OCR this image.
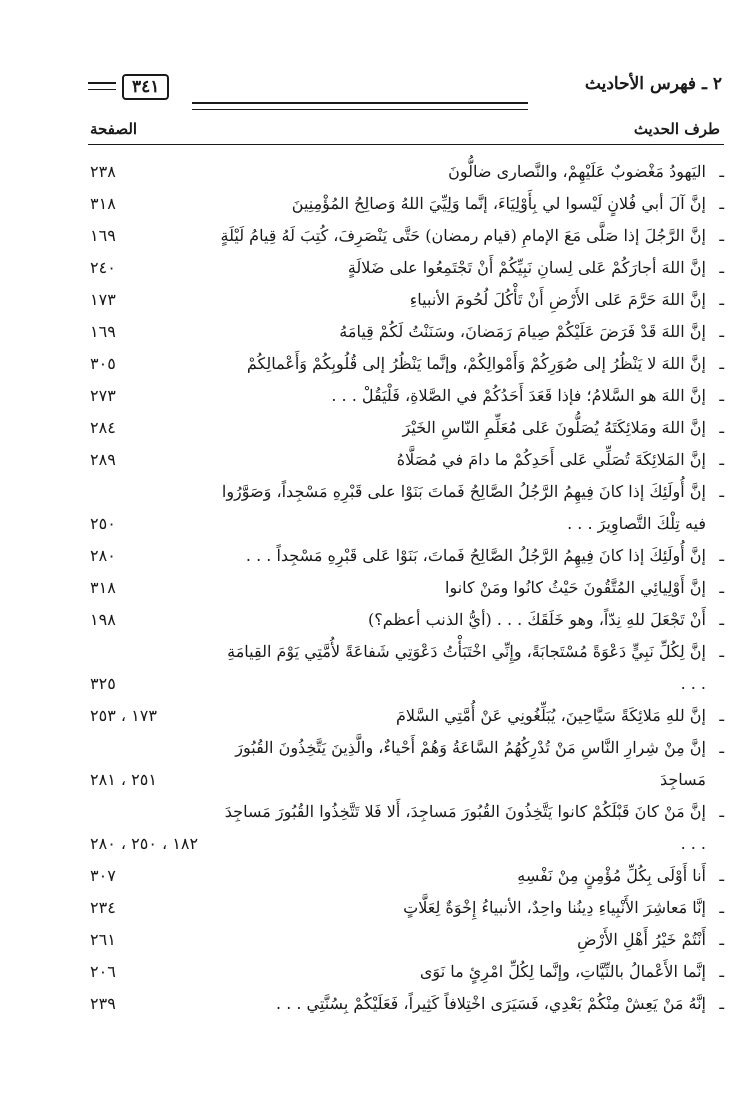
٢ ـ فهرس الأحاديث
٣٤١
طرف الحديث
الصفحة
ـ
اليَهودُ مَغْضوبٌ عَلَيْهِمْ، والنَّصارى ضالُّونَ
٢٣٨
ـ
إنَّ آلَ أبي فُلانٍ لَيْسوا لي بِأَوْلِيَاءَ، إنَّما وَلِيِّيَ اللهُ وَصالِحُ المُؤْمِنِينَ
٣١٨
ـ
إنَّ الرَّجُلَ إذا صَلَّى مَعَ الإمامِ (قيام رمضان) حَتَّى يَنْصَرِفَ، كُتِبَ لَهُ قِيامُ لَيْلَةٍ
١٦٩
ـ
إنَّ اللهَ أجارَكُمْ عَلى لِسانِ نَبِيِّكُمْ أَنْ تَجْتَمِعُوا على ضَلالَةٍ
٢٤٠
ـ
إنَّ اللهَ حَرَّمَ عَلى الأَرْضِ أَنْ تَأْكُلَ لُحُومَ الأنبياءِ
١٧٣
ـ
إنَّ اللهَ قَدْ فَرَضَ عَلَيْكُمْ صِيامَ رَمَضانَ، وسَنَنْتُ لَكُمْ قِيامَهُ
١٦٩
ـ
إنَّ اللهَ لا يَنْظُرُ إلى صُوَرِكُمْ وَأَمْوالِكُمْ، وإنَّما يَنْظُرُ إلى قُلُوبِكُمْ وَأَعْمالِكُمْ
٣٠٥
ـ
إنَّ اللهَ هو السَّلامُ؛ فإذا قَعَدَ أَحَدُكُمْ في الصَّلاةِ، فَلْيَقُلْ . . .
٢٧٣
ـ
إنَّ اللهَ ومَلائِكَتَهُ يُصَلُّونَ عَلى مُعَلِّمِ النّاسِ الخَيْرَ
٢٨٤
ـ
إنَّ المَلائِكَةَ تُصَلِّي عَلى أَحَدِكُمْ ما دامَ في مُصَلَّاهُ
٢٨٩
ـ
إنَّ أُولَئِكَ إذا كانَ فِيهِمُ الرَّجُلُ الصَّالِحُ فَماتَ بَنَوْا على قَبْرِهِ مَسْجِداً، وَصَوَّرُوا فيه تِلْكَ التَّصاوِيرَ . . .
٢٥٠
ـ
إنَّ أُولَئِكَ إذا كانَ فِيهِمُ الرَّجُلُ الصَّالِحُ فَماتَ، بَنَوْا عَلى قَبْرِهِ مَسْجِداً . . .
٢٨٠
ـ
إنَّ أَوْلِيائِي المُتَّقُونَ حَيْثُ كانُوا ومَنْ كانوا
٣١٨
ـ
أَنْ تَجْعَلَ للهِ نِدّاً، وهو خَلَقَكَ . . . (أيُّ الذنب أعظم؟)
١٩٨
ـ
إنَّ لِكُلِّ نَبِيٍّ دَعْوَةً مُسْتَجابَةً، وإِنِّي اخْتَبَأْتُ دَعْوَتِي شَفاعَةً لأُمَّتِي يَوْمَ القِيامَةِ . . .
٣٢٥
ـ
إنَّ للهِ مَلائِكَةً سَيَّاحِينَ، يُبَلِّغُونِي عَنْ أُمَّتِي السَّلامَ
١٧٣ ، ٢٥٣
ـ
إنَّ مِنْ شِرارِ النَّاسِ مَنْ تُدْرِكُهُمُ السَّاعَةُ وَهُمْ أَحْياءٌ، والَّذِينَ يَتَّخِذُونَ القُبُورَ مَساجِدَ
٢٥١ ، ٢٨١
ـ
إنَّ مَنْ كانَ قَبْلَكُمْ كانوا يَتَّخِذُونَ القُبُورَ مَساجِدَ، أَلا فَلا تَتَّخِذُوا القُبُورَ مَساجِدَ . . .
١٨٢ ، ٢٥٠ ، ٢٨٠
ـ
أَنا أَوْلَى بِكُلِّ مُؤْمِنٍ مِنْ نَفْسِهِ
٣٠٧
ـ
إنَّا مَعاشِرَ الأَنْبِياءِ دِينُنا واحِدٌ، الأنبياءُ إِخْوَةٌ لِعَلَّاتٍ
٢٣٤
ـ
أَنْتُمْ خَيْرُ أَهْلِ الأَرْضِ
٢٦١
ـ
إنَّما الأَعْمالُ بالنِّيَّاتِ، وإنَّما لِكُلِّ امْرِئٍ ما نَوَى
٢٠٦
ـ
إنَّهُ مَنْ يَعِشْ مِنْكُمْ بَعْدِي، فَسَيَرَى اخْتِلافاً كَثِيراً، فَعَلَيْكُمْ بِسُنَّتِي . . .
٢٣٩
